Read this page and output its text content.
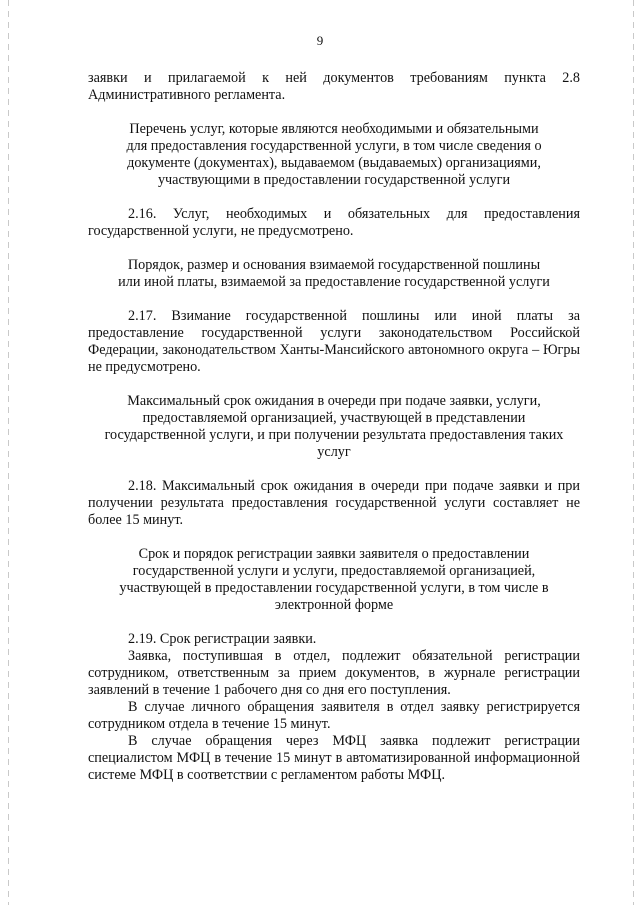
9

заявки и прилагаемой к ней документов требованиям пункта 2.8 Административного регламента.

Перечень услуг, которые являются необходимыми и обязательными
для предоставления государственной услуги, в том числе сведения о
документе (документах), выдаваемом (выдаваемых) организациями,
участвующими в предоставлении государственной услуги

2.16. Услуг, необходимых и обязательных для предоставления государственной услуги, не предусмотрено.

Порядок, размер и основания взимаемой государственной пошлины
или иной платы, взимаемой за предоставление государственной услуги

2.17. Взимание государственной пошлины или иной платы за предоставление государственной услуги законодательством Российской Федерации, законодательством Ханты-Мансийского автономного округа – Югры не предусмотрено.

Максимальный срок ожидания в очереди при подаче заявки, услуги,
предоставляемой организацией, участвующей в представлении
государственной услуги, и при получении результата предоставления таких
услуг

2.18. Максимальный срок ожидания в очереди при подаче заявки и при получении результата предоставления государственной услуги составляет не более 15 минут.

Срок и порядок регистрации заявки заявителя о предоставлении
государственной услуги и услуги, предоставляемой организацией,
участвующей в предоставлении государственной услуги, в том числе в
электронной форме

2.19. Срок регистрации заявки.

Заявка, поступившая в отдел, подлежит обязательной регистрации сотрудником, ответственным за прием документов, в журнале регистрации заявлений в течение 1 рабочего дня со дня его поступления.

В случае личного обращения заявителя в отдел заявку регистрируется сотрудником отдела в течение 15 минут.

В случае обращения через МФЦ заявка подлежит регистрации специалистом МФЦ в течение 15 минут в автоматизированной информационной системе МФЦ в соответствии с регламентом работы МФЦ.
